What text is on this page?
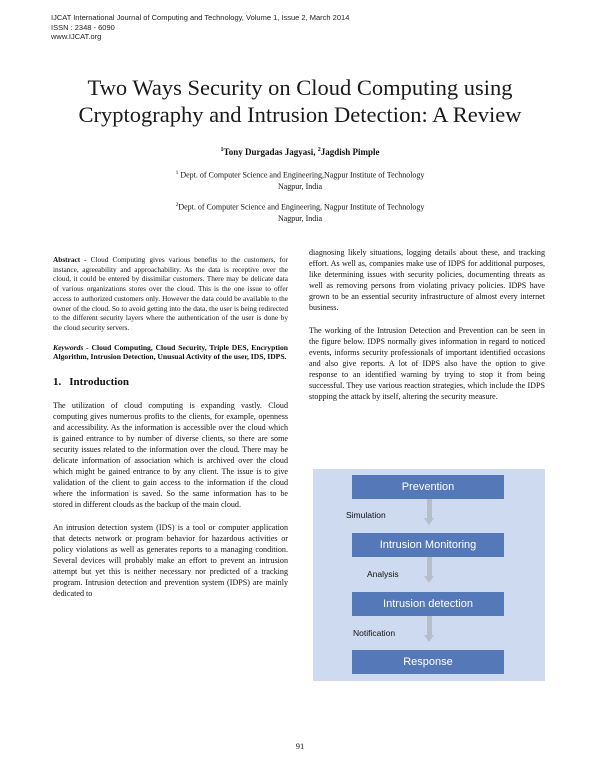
IJCAT International Journal of Computing and Technology, Volume 1, Issue 2, March 2014
ISSN : 2348 - 6090
www.IJCAT.org
Two Ways Security on Cloud Computing using
Cryptography and Intrusion Detection: A Review
$^1$Tony Durgadas Jagyasi, $^2$Jagdish Pimple
$^1$ Dept. of Computer Science and Engineering,Nagpur Institute of Technology
Nagpur, India
$^2$Dept. of Computer Science and Engineering, Nagpur Institute of Technology
Nagpur, India

Abstract - Cloud Computing gives various benefits to the customers, for instance, agreeability and approachability. As the data is receptive over the cloud, it could be entered by dissimilar customers. There may be delicate data of various organizations stores over the cloud. This is the one issue to offer access to authorized customers only. However the data could be available to the owner of the cloud. So to avoid getting into the data, the user is being redirected to the different security layers where the authentication of the user is done by the cloud security servers.

Keywords - Cloud Computing, Cloud Security, Triple DES, Encryption Algorithm, Intrusion Detection, Unusual Activity of the user, IDS, IDPS.

1. Introduction

The utilization of cloud computing is expanding vastly. Cloud computing gives numerous profits to the clients, for example, openness and accessibility. As the information is accessible over the cloud which is gained entrance to by number of diverse clients, so there are some security issues related to the information over the cloud. There may be delicate information of association which is archived over the cloud which might be gained entrance to by any client. The issue is to give validation of the client to gain access to the information if the cloud where the information is saved. So the same information has to be stored in different clouds as the backup of the main cloud.

An intrusion detection system (IDS) is a tool or computer application that detects network or program behavior for hazardous activities or policy violations as well as generates reports to a managing condition. Several devices will probably make an effort to prevent an intrusion attempt but yet this is neither necessary nor predicted of a tracking program. Intrusion detection and prevention system (IDPS) are mainly dedicated to

diagnosing likely situations, logging details about these, and tracking effort. As well as, companies make use of IDPS for additional purposes, like determining issues with security policies, documenting threats as well as removing persons from violating privacy policies. IDPS have grown to be an essential security infrastructure of almost every internet business.

The working of the Intrusion Detection and Prevention can be seen in the figure below. IDPS normally gives information in regard to noticed events, informs security professionals of important identified occasions and also give reports. A lot of IDPS also have the option to give response to an identified warning by trying to stop it from being successful. They use various reaction strategies, which include the IDPS stopping the attack by itself, altering the security measure.

Prevention
Simulation
Intrusion Monitoring
Analysis
Intrusion detection
Notification
Response
91
